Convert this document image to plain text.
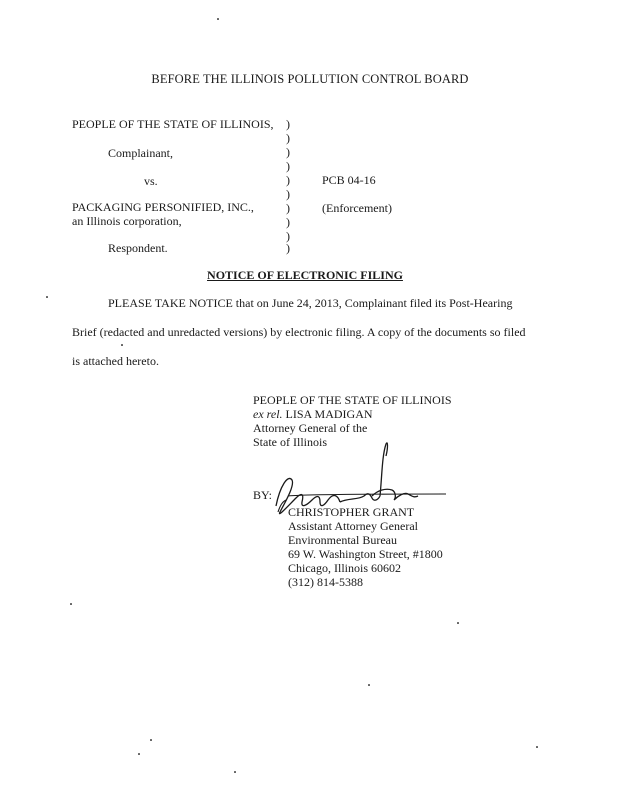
BEFORE THE ILLINOIS POLLUTION CONTROL BOARD
PEOPLE OF THE STATE OF ILLINOIS,
Complainant,
vs.
PACKAGING PERSONIFIED, INC.,
an Illinois corporation,
Respondent.
)
)
)
)
)
)
)
)
)
)
PCB 04-16
(Enforcement)
NOTICE OF ELECTRONIC FILING
PLEASE TAKE NOTICE that on June 24, 2013, Complainant filed its Post-Hearing
Brief (redacted and unredacted versions) by electronic filing. A copy of the documents so filed
is attached hereto.
PEOPLE OF THE STATE OF ILLINOIS
ex rel. LISA MADIGAN
Attorney General of the
State of Illinois
BY:
CHRISTOPHER GRANT
Assistant Attorney General
Environmental Bureau
69 W. Washington Street, #1800
Chicago, Illinois 60602
(312) 814-5388
